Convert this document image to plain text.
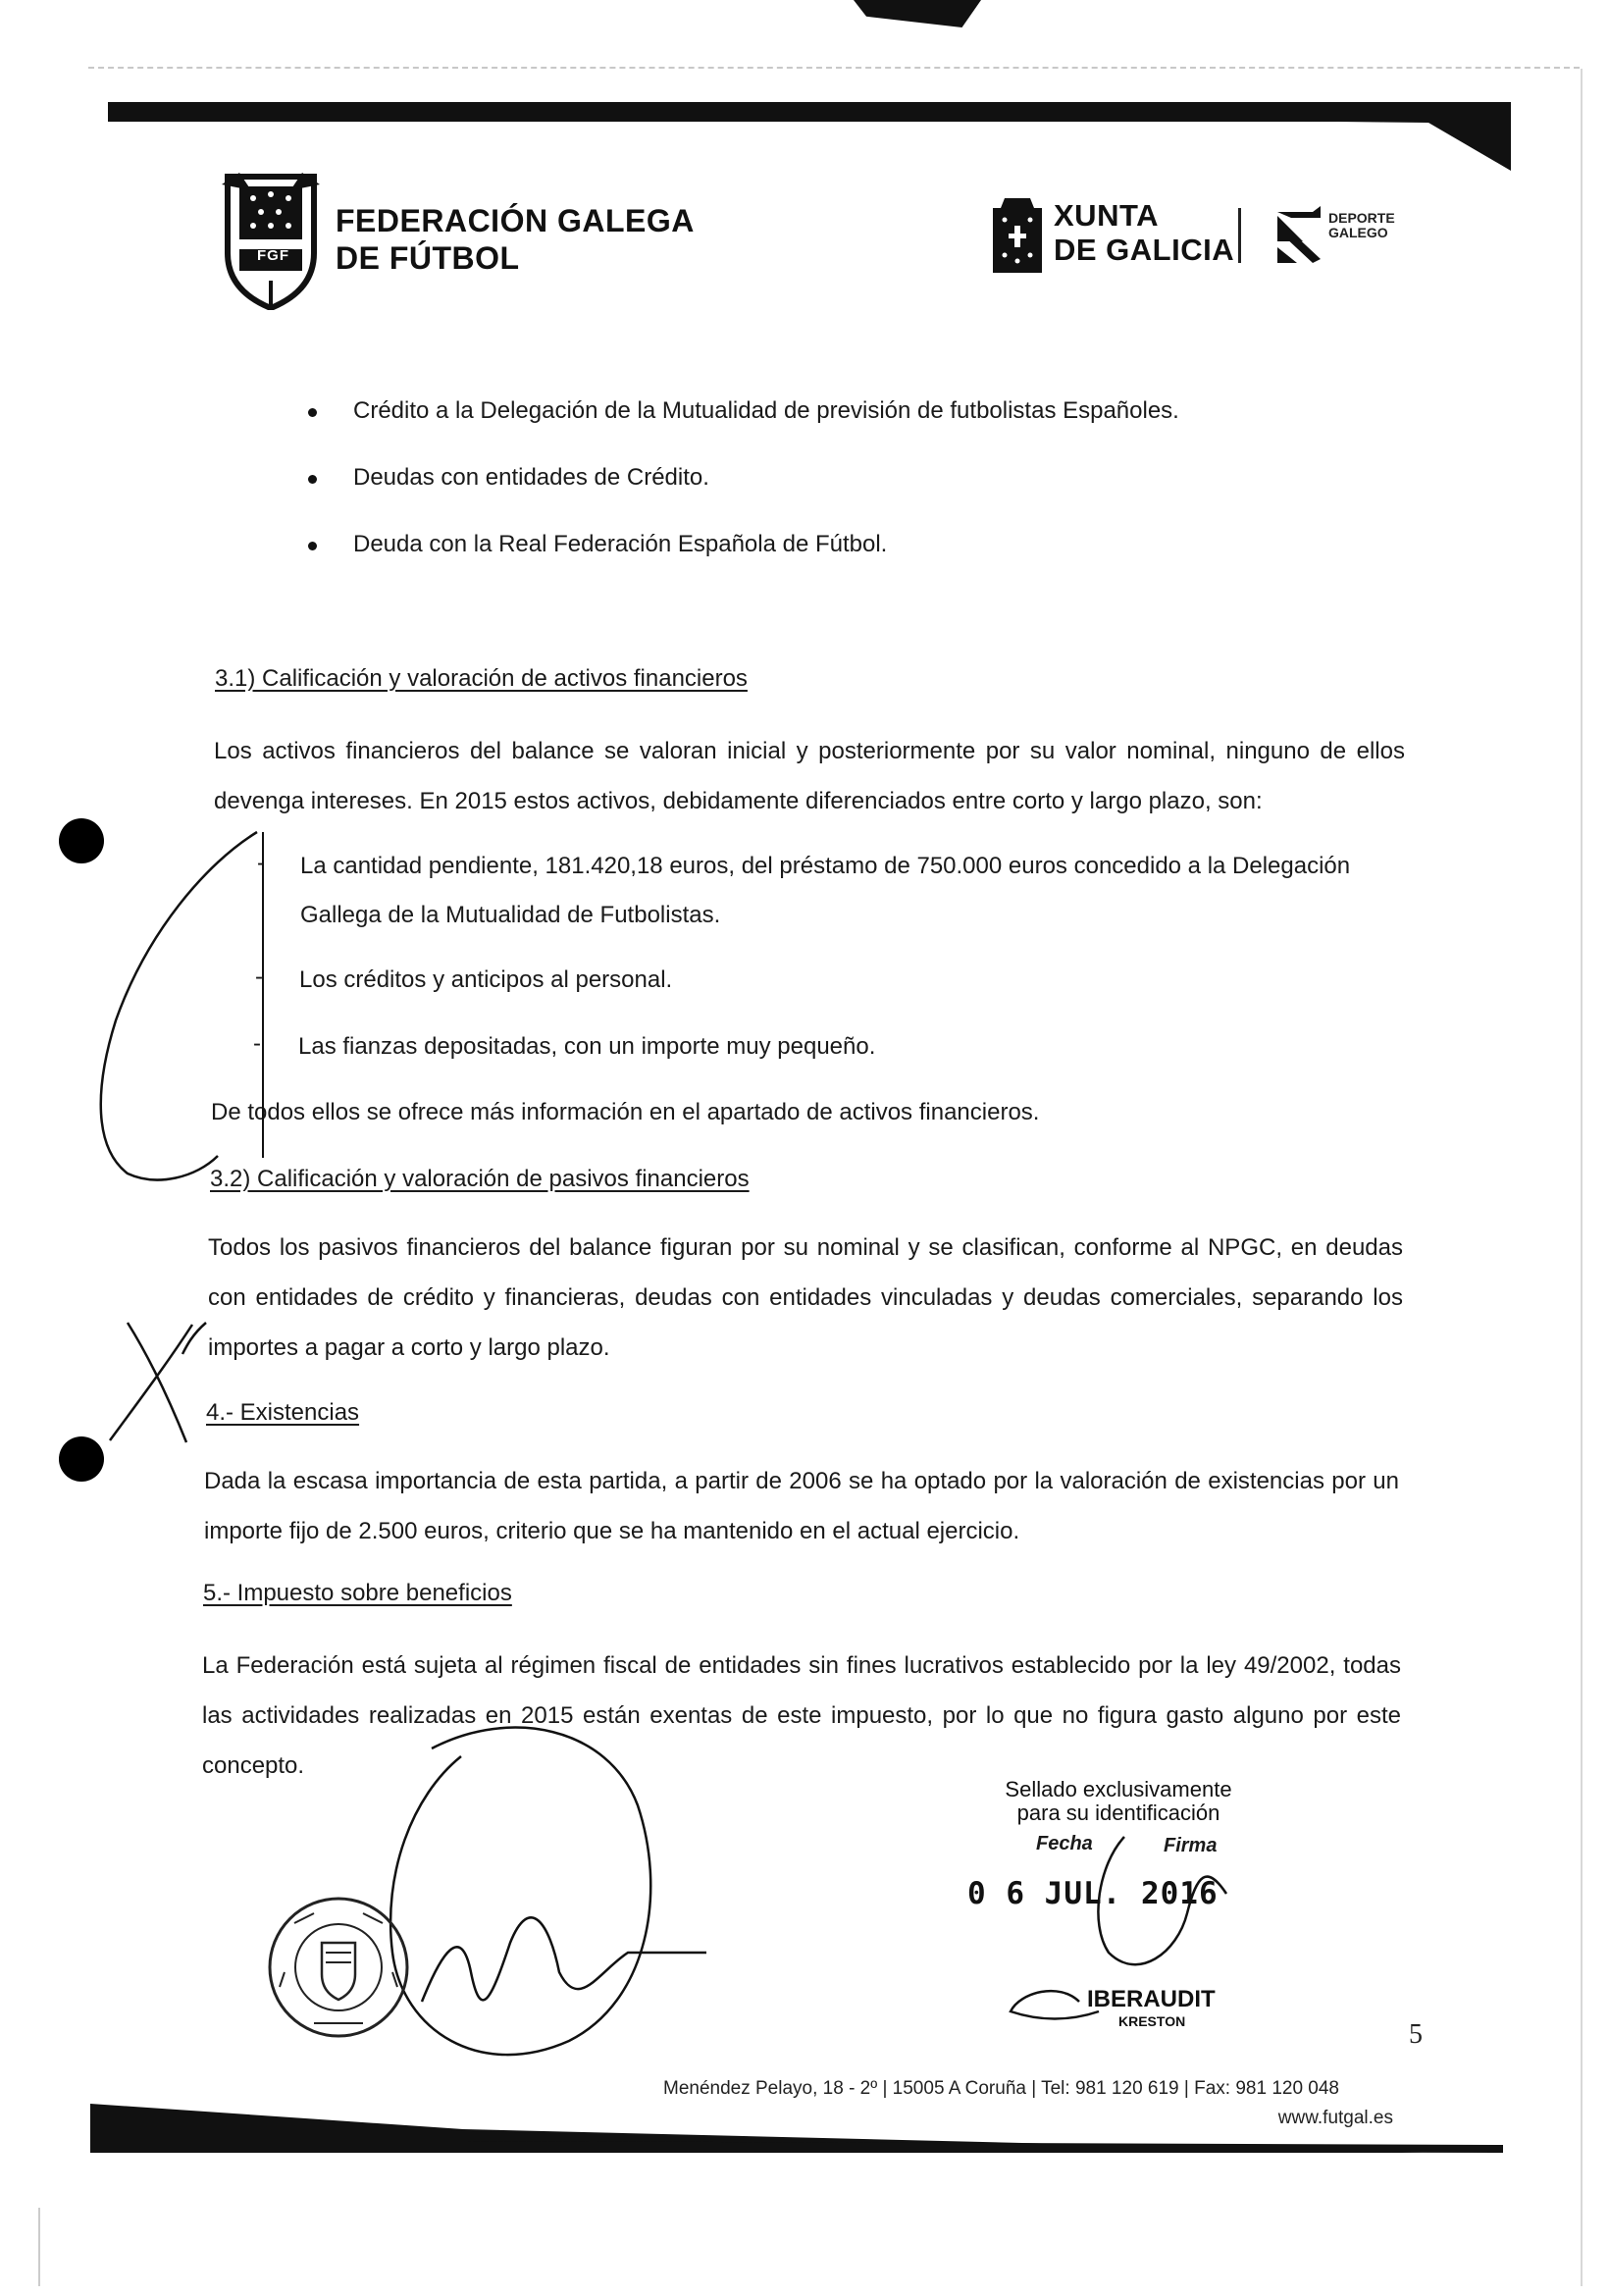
FGF
FEDERACIÓN GALEGA
DE FÚTBOL
XUNTA
DE GALICIA
DEPORTE
GALEGO
Crédito a la Delegación de la Mutualidad de previsión de futbolistas Españoles.
Deudas con entidades de Crédito.
Deuda con la Real Federación Española de Fútbol.
3.1) Calificación y valoración de activos financieros
Los activos financieros del balance se valoran inicial y posteriormente por su valor nominal, ninguno de ellos devenga intereses. En 2015 estos activos, debidamente diferenciados entre corto y largo plazo, son:
- La cantidad pendiente, 181.420,18 euros, del préstamo de 750.000 euros concedido a la Delegación Gallega de la Mutualidad de Futbolistas.
- Los créditos y anticipos al personal.
- Las fianzas depositadas, con un importe muy pequeño.
De todos ellos se ofrece más información en el apartado de activos financieros.
3.2) Calificación y valoración de pasivos financieros
Todos los pasivos financieros del balance figuran por su nominal y se clasifican, conforme al NPGC, en deudas con entidades de crédito y financieras, deudas con entidades vinculadas y deudas comerciales, separando los importes a pagar a corto y largo plazo.
4.- Existencias
Dada la escasa importancia de esta partida, a partir de 2006 se ha optado por la valoración de existencias por un importe fijo de 2.500 euros, criterio que se ha mantenido en el actual ejercicio.
5.- Impuesto sobre beneficios
La Federación está sujeta al régimen fiscal de entidades sin fines lucrativos establecido por la ley 49/2002, todas las actividades realizadas en 2015 están exentas de este impuesto, por lo que no figura gasto alguno por este concepto.
Sellado exclusivamente
para su identificación
Fecha	Firma
0 6 JUL. 2016
IBERAUDIT
KRESTON	5
Menéndez Pelayo, 18 - 2º | 15005 A Coruña | Tel: 981 120 619 | Fax: 981 120 048
www.futgal.es
